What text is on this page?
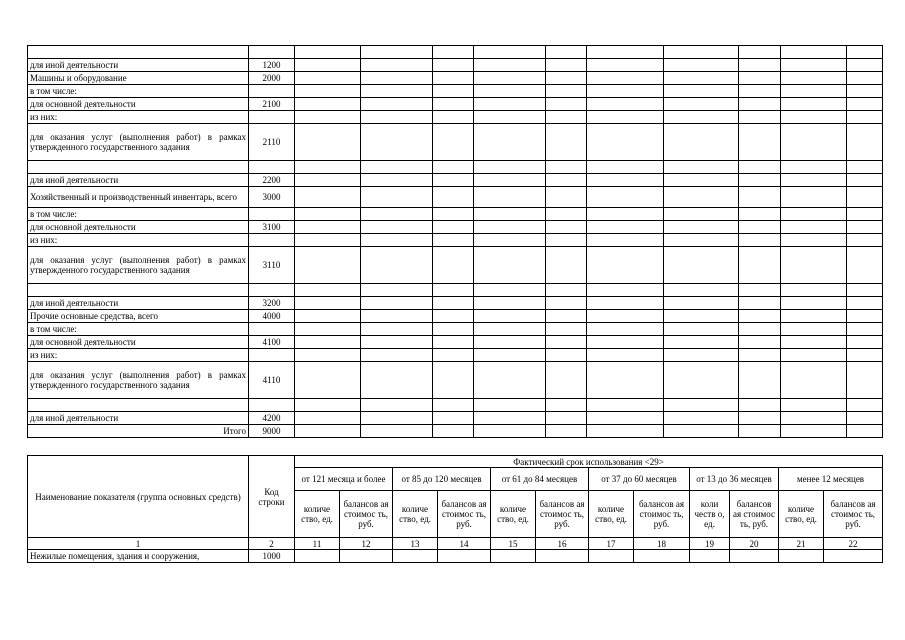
для иной деятельности	1200										
Машины и оборудование	2000										
в том числе:											
для основной деятельности	2100										
из них:											
для оказания услуг (выполнения работ) в рамках утвержденного государственного задания	2110										

для иной деятельности	2200										
Хозяйственный и производственный инвентарь, всего	3000										
в том числе:											
для основной деятельности	3100										
из них:											
для оказания услуг (выполнения работ) в рамках утвержденного государственного задания	3110										

для иной деятельности	3200										
Прочие основные средства, всего	4000										
в том числе:											
для основной деятельности	4100										
из них:											
для оказания услуг (выполнения работ) в рамках утвержденного государственного задания	4110										

для иной деятельности	4200										
Итого	9000										
Наименование показателя (группа основных средств)	Код строки	Фактический срок использования <29>											
		от 121 месяца и более		от 85 до 120 месяцев		от 61 до 84 месяцев		от 37 до 60 месяцев		от 13 до 36 месяцев		менее 12 месяцев	
		количе ство, ед.	балансов ая стоимос ть, руб.	количе ство, ед.	балансов ая стоимос ть, руб.	количе ство, ед.	балансов ая стоимос ть, руб.	количе ство, ед.	балансов ая стоимос ть, руб.	коли честв о, ед.	балансов ая стоимос ть, руб.	количе ство, ед.	балансов ая стоимос ть, руб.
1	2	11	12	13	14	15	16	17	18	19	20	21	22
Нежилые помещения, здания и сооружения,	1000												
